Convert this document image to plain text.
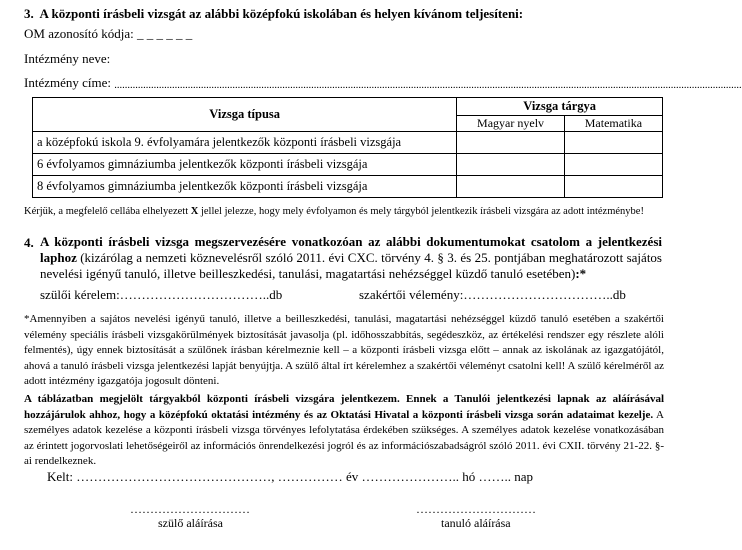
3. A központi írásbeli vizsgát az alábbi középfokú iskolában és helyen kívánom teljesíteni:
OM azonosító kódja: _ _ _ _ _ _
Intézmény neve:
Intézmény címe: ...............................................................................................................................................................................................................................................
Vizsga típusa	Vizsga tárgya	
	Magyar nyelv	Matematika
a középfokú iskola 9. évfolyamára jelentkezők központi írásbeli vizsgája		
6 évfolyamos gimnáziumba jelentkezők központi írásbeli vizsgája		
8 évfolyamos gimnáziumba jelentkezők központi írásbeli vizsgája		
Kérjük, a megfelelő cellába elhelyezett X jellel jelezze, hogy mely évfolyamon és mely tárgyból jelentkezik írásbeli vizsgára az adott intézménybe!
4. A központi írásbeli vizsga megszervezésére vonatkozóan az alábbi dokumentumokat csatolom a jelentkezési laphoz (kizárólag a nemzeti köznevelésről szóló 2011. évi CXC. törvény 4. § 3. és 25. pontjában meghatározott sajátos nevelési igényű tanuló, illetve beilleszkedési, tanulási, magatartási nehézséggel küzdő tanuló esetében):*
szülői kérelem:……………………………..db	szakértői vélemény:……………………………..db
*Amennyiben a sajátos nevelési igényű tanuló, illetve a beilleszkedési, tanulási, magatartási nehézséggel küzdő tanuló esetében a szakértői vélemény speciális írásbeli vizsgakörülmények biztosítását javasolja (pl. időhosszabbítás, segédeszköz, az értékelési rendszer egy részlete alóli felmentés), úgy ennek biztosítását a szülőnek írásban kérelmeznie kell – a központi írásbeli vizsga előtt – annak az iskolának az igazgatójától, ahová a tanuló írásbeli vizsga jelentkezési lapját benyújtja. A szülő által írt kérelemhez a szakértői véleményt csatolni kell! A szülő kérelméről az adott intézmény igazgatója jogosult dönteni.
A táblázatban megjelölt tárgyakból központi írásbeli vizsgára jelentkezem. Ennek a Tanulói jelentkezési lapnak az aláírásával hozzájárulok ahhoz, hogy a középfokú oktatási intézmény és az Oktatási Hivatal a központi írásbeli vizsga során adataimat kezelje. A személyes adatok kezelése a központi írásbeli vizsga törvényes lefolytatása érdekében szükséges. A személyes adatok kezelése vonatkozásában az érintett jogorvoslati lehetőségeiről az információs önrendelkezési jogról és az információszabadságról szóló 2011. évi CXII. törvény 21-22. §-ai rendelkeznek.
Kelt: ………………………………………, …………… év ………………….. hó …….. nap
…………………………	…………………………
szülő aláírása	tanuló aláírása
